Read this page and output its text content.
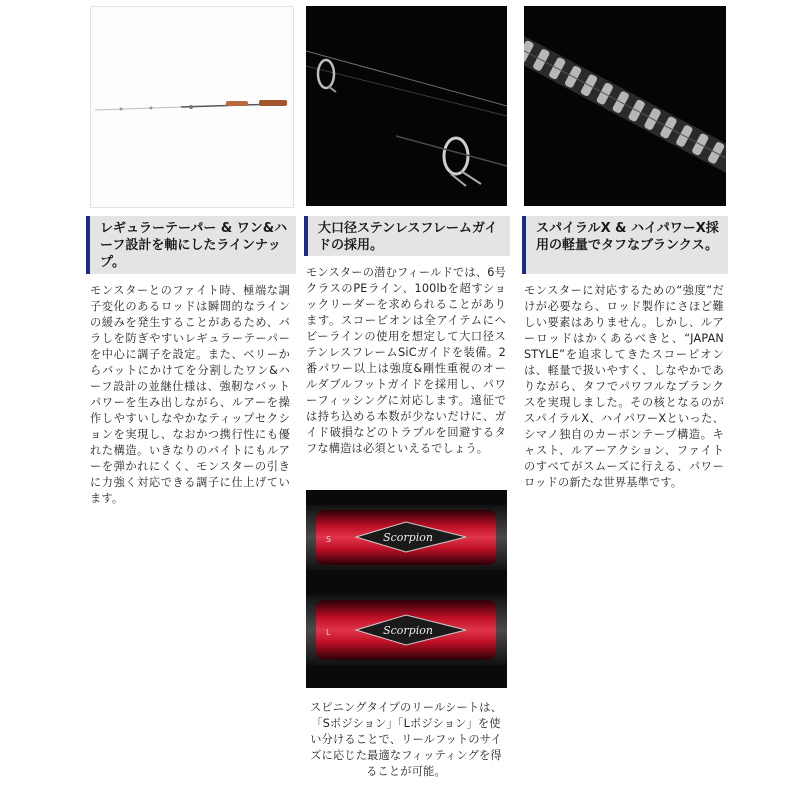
レギュラーテーパー & ワン&ハーフ設計を軸にしたラインナップ。
モンスターとのファイト時、極端な調子変化のあるロッドは瞬間的なラインの緩みを発生することがあるため、バラしを防ぎやすいレギュラーテーパーを中心に調子を設定。また、ベリーからバットにかけてを分割したワン&ハーフ設計の並継仕様は、強靭なバットパワーを生み出しながら、ルアーを操作しやすいしなやかなティップセクションを実現し、なおかつ携行性にも優れた構造。いきなりのバイトにもルアーを弾かれにくく、モンスターの引きに力強く対応できる調子に仕上げています。
大口径ステンレスフレームガイドの採用。
モンスターの潜むフィールドでは、6号クラスのPEライン、100lbを超すショックリーダーを求められることがあります。スコーピオンは全アイテムにヘビーラインの使用を想定して大口径ステンレスフレームSiCガイドを装備。2番パワー以上は強度&剛性重視のオールダブルフットガイドを採用し、パワーフィッシングに対応します。遠征では持ち込める本数が少ないだけに、ガイド破損などのトラブルを回避するタフな構造は必須といえるでしょう。
Scorpion
S
Scorpion
L
スピニングタイプのリールシートは、「Sポジション」「Lポジション」を使い分けることで、リールフットのサイズに応じた最適なフィッティングを得ることが可能。
スパイラルX & ハイパワーX採用の軽量でタフなブランクス。
モンスターに対応するための“強度”だけが必要なら、ロッド製作にさほど難しい要素はありません。しかし、ルアーロッドはかくあるべきと、“JAPAN STYLE”を追求してきたスコーピオンは、軽量で扱いやすく、しなやかでありながら、タフでパワフルなブランクスを実現しました。その核となるのがスパイラルX、ハイパワーXといった、シマノ独自のカーボンテープ構造。キャスト、ルアーアクション、ファイトのすべてがスムーズに行える、パワーロッドの新たな世界基準です。
